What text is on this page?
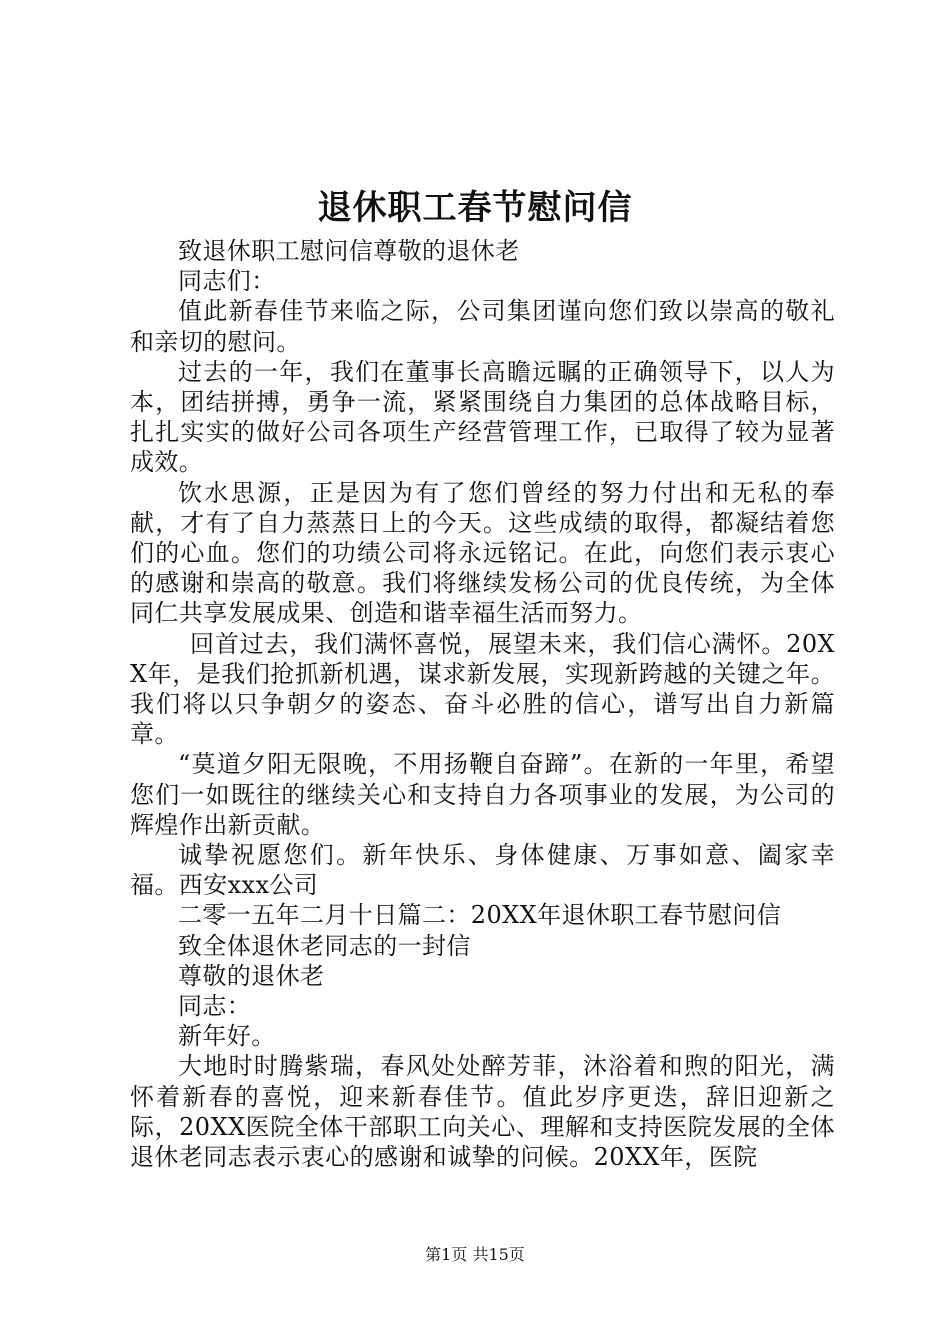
退休职工春节慰问信

致退休职工慰问信尊敬的退休老

同志们：

值此新春佳节来临之际，公司集团谨向您们致以崇高的敬礼和亲切的慰问。

过去的一年，我们在董事长高瞻远瞩的正确领导下，以人为本，团结拼搏，勇争一流，紧紧围绕自力集团的总体战略目标，扎扎实实的做好公司各项生产经营管理工作，已取得了较为显著成效。

饮水思源，正是因为有了您们曾经的努力付出和无私的奉献，才有了自力蒸蒸日上的今天。这些成绩的取得，都凝结着您们的心血。您们的功绩公司将永远铭记。在此，向您们表示衷心的感谢和崇高的敬意。我们将继续发杨公司的优良传统，为全体同仁共享发展成果、创造和谐幸福生活而努力。

回首过去，我们满怀喜悦，展望未来，我们信心满怀。20XX年，是我们抢抓新机遇，谋求新发展，实现新跨越的关键之年。我们将以只争朝夕的姿态、奋斗必胜的信心，谱写出自力新篇章。

“莫道夕阳无限晚，不用扬鞭自奋蹄”。在新的一年里，希望您们一如既往的继续关心和支持自力各项事业的发展，为公司的辉煌作出新贡献。

诚挚祝愿您们。新年快乐、身体健康、万事如意、阖家幸福。西安xxx公司

二零一五年二月十日篇二：20XX年退休职工春节慰问信

致全体退休老同志的一封信

尊敬的退休老

同志：

新年好。

大地时时腾紫瑞，春风处处醉芳菲，沐浴着和煦的阳光，满怀着新春的喜悦，迎来新春佳节。值此岁序更迭，辞旧迎新之际，20XX医院全体干部职工向关心、理解和支持医院发展的全体退休老同志表示衷心的感谢和诚挚的问候。20XX年，医院

第1页 共15页
